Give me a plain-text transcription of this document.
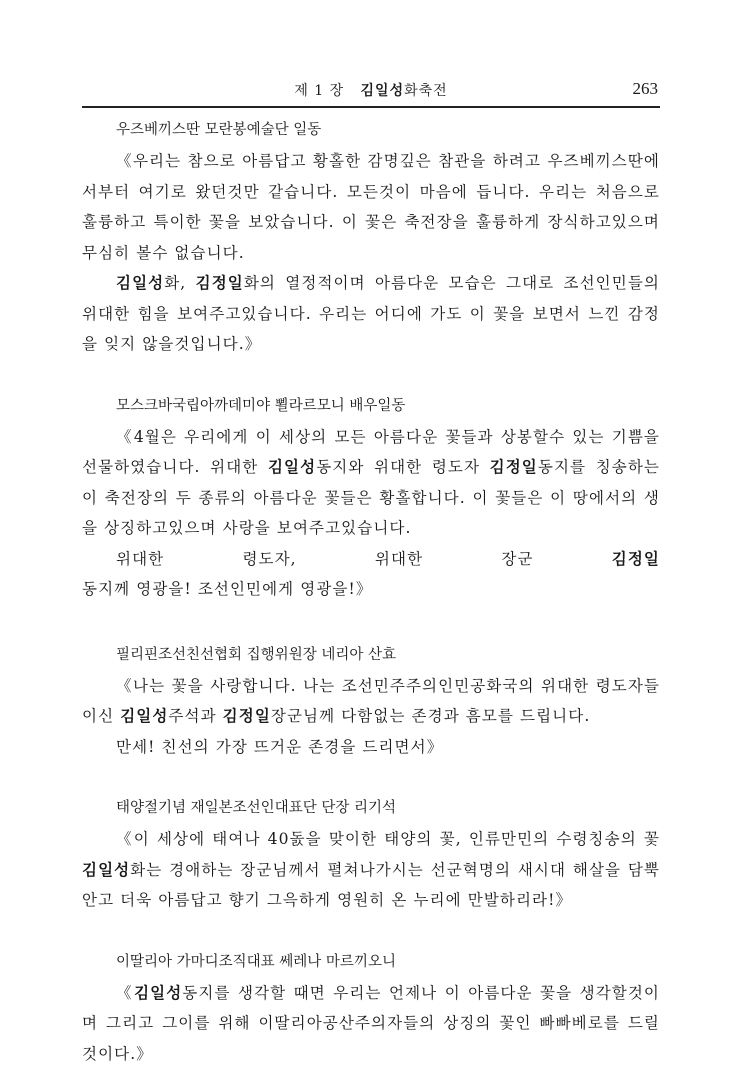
제 1 장 김일성화축전	263
우즈베끼스딴 모란봉예술단 일동

《우리는 참으로 아름답고 황홀한 감명깊은 참관을 하려고 우즈베끼스딴에서부터 여기로 왔던것만 같습니다. 모든것이 마음에 듭니다. 우리는 처음으로 훌륭하고 특이한 꽃을 보았습니다. 이 꽃은 축전장을 훌륭하게 장식하고있으며 무심히 볼수 없습니다.

김일성화, 김정일화의 열정적이며 아름다운 모습은 그대로 조선인민들의 위대한 힘을 보여주고있습니다. 우리는 어디에 가도 이 꽃을 보면서 느낀 감정을 잊지 않을것입니다.》

모스크바국립아까데미야 뾜라르모니 배우일동

《4월은 우리에게 이 세상의 모든 아름다운 꽃들과 상봉할수 있는 기쁨을 선물하였습니다. 위대한 김일성동지와 위대한 령도자 김정일동지를 칭송하는 이 축전장의 두 종류의 아름다운 꽃들은 황홀합니다. 이 꽃들은 이 땅에서의 생을 상징하고있으며 사랑을 보여주고있습니다.

위대한 령도자, 위대한 장군 김정일동지께 영광을! 조선인민에게 영광을!》

필리핀조선친선협회 집행위원장 네리아 산효

《나는 꽃을 사랑합니다. 나는 조선민주주의인민공화국의 위대한 령도자들이신 김일성주석과 김정일장군님께 다함없는 존경과 흠모를 드립니다.

만세! 친선의 가장 뜨거운 존경을 드리면서》

태양절기념 재일본조선인대표단 단장 리기석

《이 세상에 태여나 40돐을 맞이한 태양의 꽃, 인류만민의 수령칭송의 꽃 김일성화는 경애하는 장군님께서 펼쳐나가시는 선군혁명의 새시대 해살을 담뿍 안고 더욱 아름답고 향기 그윽하게 영원히 온 누리에 만발하리라!》

이딸리아 가마디조직대표 쎄레나 마르끼오니

《김일성동지를 생각할 때면 우리는 언제나 이 아름다운 꽃을 생각할것이며 그리고 그이를 위해 이딸리아공산주의자들의 상징의 꽃인 빠빠베로를 드릴것이다.》
